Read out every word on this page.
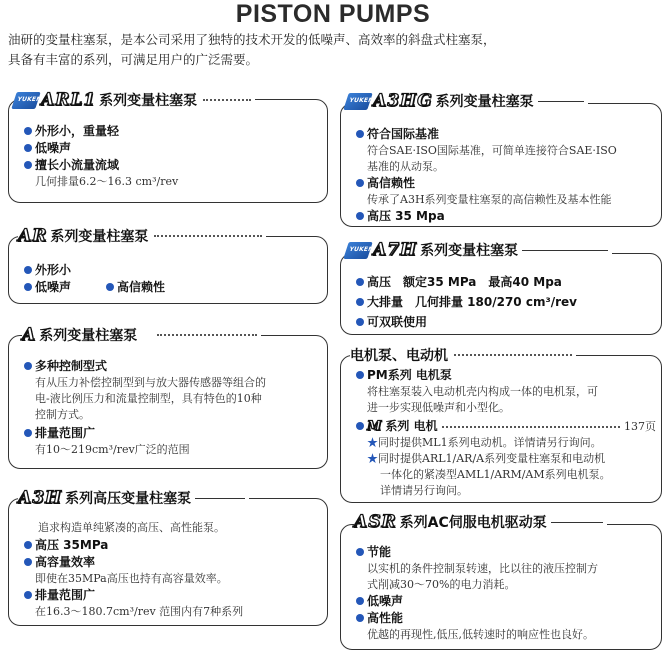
PISTON PUMPS
油研的变量柱塞泵，是本公司采用了独特的技术开发的低噪声、高效率的斜盘式柱塞泵，
具备有丰富的系列，可满足用户的广泛需要。
YUKEN
ARL1 系列变量柱塞泵
外形小，重量轻
低噪声
擅长小流量流域
几何排量6.2～16.3 cm³/rev
AR 系列变量柱塞泵
外形小
低噪声	高信赖性
A 系列变量柱塞泵
多种控制型式
有从压力补偿控制型到与放大器传感器等组合的
电-液比例压力和流量控制型，具有特色的10种
控制方式。
排量范围广
有10～219cm³/rev广泛的范围
A3H 系列高压变量柱塞泵
追求构造单纯紧凑的高压、高性能泵。
高压 35MPa
高容量效率
即使在35MPa高压也持有高容量效率。
排量范围广
在16.3～180.7cm³/rev 范围内有7种系列
YUKEN
A3HG 系列变量柱塞泵
符合国际基准
符合SAE·ISO国际基准，可简单连接符合SAE·ISO
基准的从动泵。
高信赖性
传承了A3H系列变量柱塞泵的高信赖性及基本性能
高压 35 Mpa
YUKEN
A7H 系列变量柱塞泵
高压　额定35 MPa　最高40 Mpa
大排量　几何排量 180/270 cm³/rev
可双联使用
电机泵、电动机
PM系列 电机泵
将柱塞泵装入电动机壳内构成一体的电机泵，可
进一步实现低噪声和小型化。
M 系列 电机	137页
★同时提供ML1系列电动机。详情请另行询问。
★同时提供ARL1/AR/A系列变量柱塞泵和电动机
一体化的紧凑型AML1/ARM/AM系列电机泵。
详情请另行询问。
ASR 系列AC伺服电机驱动泵
节能
以实机的条件控制泵转速，比以往的液压控制方
式削减30～70%的电力消耗。
低噪声
高性能
优越的再现性,低压,低转速时的响应性也良好。
